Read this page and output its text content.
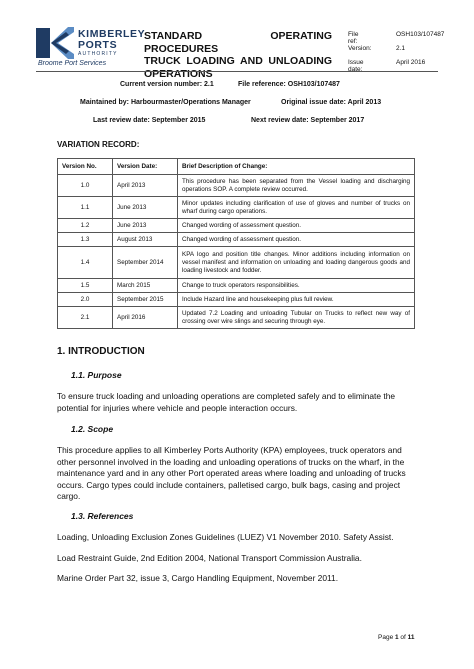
KIMBERLEY
PORTS
AUTHORITY
Broome Port Services
STANDARD OPERATING PROCEDURES
TRUCK LOADING AND UNLOADING

OPERATIONS
File ref:
OSH103/107487
Version:	2.1
Issue date:
April 2016
Current version number: 2.1	File reference: OSH103/107487
Maintained by: Harbourmaster/Operations Manager	Original issue date: April 2013
Last review date: September 2015	Next review date: September 2017
VARIATION RECORD:
Version No.	Version Date:	Brief Description of Change:
1.0	April 2013	This procedure has been separated from the Vessel loading and discharging operations SOP. A complete review occurred.
1.1	June 2013	Minor updates including clarification of use of gloves and number of trucks on wharf during cargo operations.
1.2	June 2013	Changed wording of assessment question.
1.3	August 2013	Changed wording of assessment question.
1.4	September 2014	KPA logo and position title changes. Minor additions including information on vessel manifest and information on unloading and loading dangerous goods and loading livestock and fodder.
1.5	March 2015	Change to truck operators responsibilities.
2.0	September 2015	Include Hazard line and housekeeping plus full review.
2.1	April 2016	Updated 7.2 Loading and unloading Tubular on Trucks to reflect new way of crossing over wire slings and securing through eye.
1. INTRODUCTION
1.1. Purpose
To ensure truck loading and unloading operations are completed safely and to eliminate the potential for injuries where vehicle and people interaction occurs.
1.2. Scope
This procedure applies to all Kimberley Ports Authority (KPA) employees, truck operators and other personnel involved in the loading and unloading operations of trucks on the wharf, in the maintenance yard and in any other Port operated areas where loading and unloading of trucks occurs. Cargo types could include containers, palletised cargo, bulk bags, casing and project cargo.
1.3. References
Loading, Unloading Exclusion Zones Guidelines (LUEZ) V1 November 2010. Safety Assist.
Load Restraint Guide, 2nd Edition 2004, National Transport Commission Australia.
Marine Order Part 32, issue 3, Cargo Handling Equipment, November 2011.
Page 1 of 11
